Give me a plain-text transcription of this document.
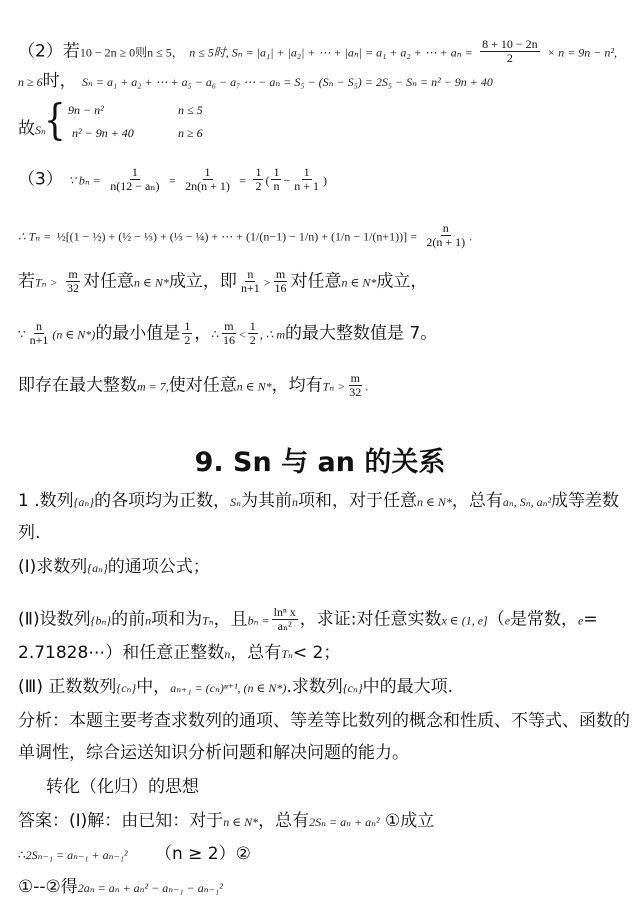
（2）若10 − 2n ≥ 0则n ≤ 5， n ≤ 5时, Sₙ = |a₁| + |a₂| + ⋯ + |aₙ| = a₁ + a₂ + ⋯ + $a_n = \frac{8 + 10 - 2n}{2} \times n = 9n - n^2$,
n ≥ 6时， Sₙ = a₁ + a₂ + ⋯ + a₅ − a₆ − a₇ ⋯ − aₙ = S₅ − (Sₙ − S₅) = 2S₅ − Sₙ = n² − 9n + 40
故Sₙ
{ 9n − n²	n ≤ 5
n² − 9n + 40	n ≥ 6
（3） ∵ $b_n = \frac{1}{\text{n(12 − aₙ)}} = \frac{1}{2n(n + 1)} = \frac{1}{2}$ ( $\frac{1}{n} - \frac{1}{n + 1}$ )
∴ Tₙ = ½[(1 − ½) + (½ − ⅓) + (⅓ − ¼) + ⋯ + $(1/(n-1) - 1/n) + (1/n - 1/(n+1))] = \frac{n}{2(n + 1)}$ .
若$T_n > \frac{m}{32}$ 对任意n ∈ N*成立，即 $\frac{n}{n+1} > \frac{m}{16}$ 对任意n ∈ N*成立，
∵ $\frac{n}{n+1} (n$ ∈ N*)的最小值是 $\frac{1}{2}$ ，∴ $\frac{m}{16} < \frac{1}{2}$ , ∴ m的最大整数值是 7。
即存在最大整数m = 7,使对任意n ∈ N*，均有$T_n > \frac{m}{32}$ .
9. Sn 与 an 的关系
1 .数列{aₙ}的各项均为正数，Sₙ为其前n项和，对于任意n ∈ N*，总有aₙ, Sₙ, aₙ²成等差数
列.
(Ⅰ)求数列{aₙ}的通项公式；
(Ⅱ)设数列{bₙ}的前n项和为Tₙ，且$b_n = \frac{\text{lnⁿ x}}{\text{aₙ²}}$ ，求证:对任意实数x ∈ (1, e]（e是常数，e=
2.71828⋯）和任意正整数n，总有Tₙ< 2；
(Ⅲ) 正数数列{cₙ}中，aₙ₊₁ = (cₙ)ⁿ⁺¹, (n ∈ N*).求数列{cₙ}中的最大项.
分析：本题主要考查求数列的通项、等差等比数列的概念和性质、不等式、函数的
单调性，综合运送知识分析问题和解决问题的能力。
转化（化归）的思想
答案：(Ⅰ)解：由已知：对于n ∈ N*，总有2Sₙ = aₙ + aₙ² ①成立
∴2Sₙ₋₁ = aₙ₋₁ + aₙ₋₁² （n ≥ 2）②
①--②得2aₙ = aₙ + aₙ² − aₙ₋₁ − aₙ₋₁²
